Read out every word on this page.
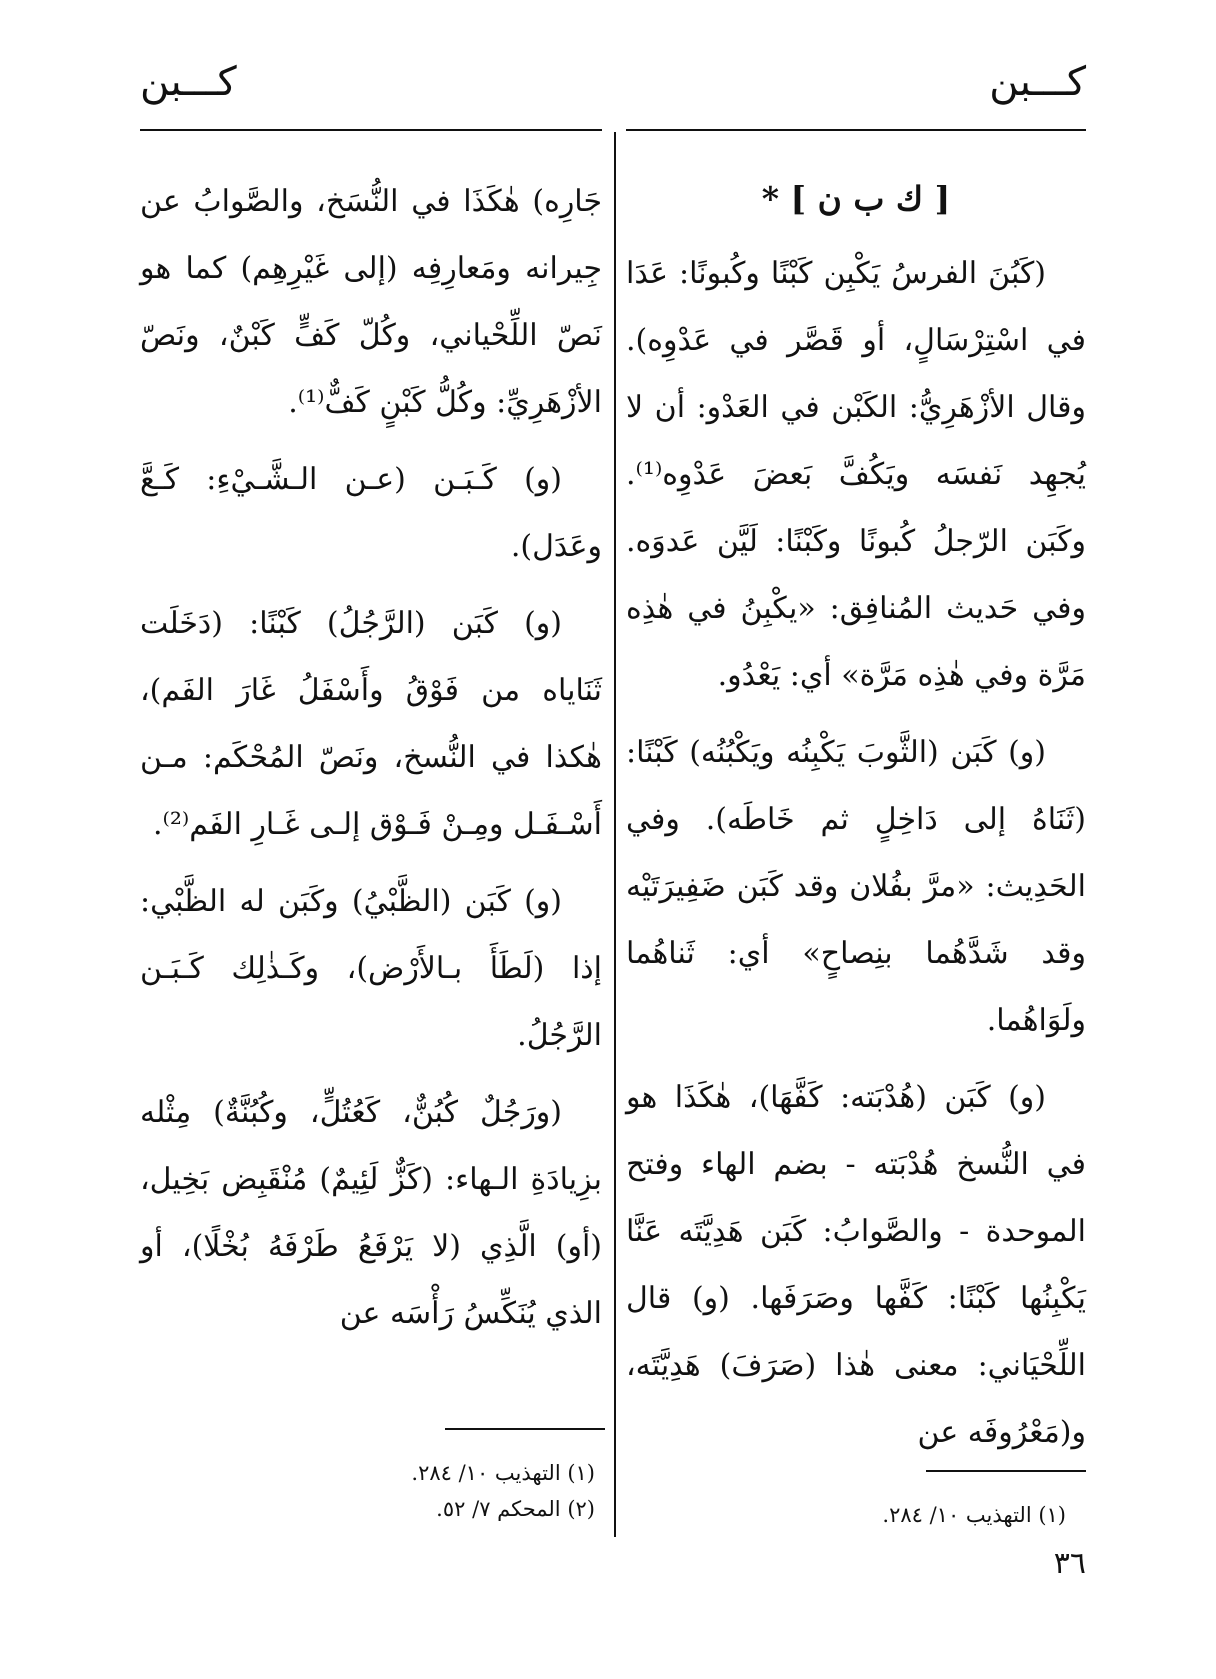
كـــبن
كـــبن

[ ك ب ن ] *

(كَبُنَ الفرسُ يَكْبِن كَبْنًا وكُبونًا: عَدَا في اسْتِرْسَالٍ، أو قَصَّر في عَدْوِه). وقال الأزْهَرِيُّ: الكَبْن في العَدْو: أن لا يُجهِد نَفسَه ويَكُفَّ بَعضَ عَدْوِه⁽¹⁾. وكَبَن الرّجلُ كُبونًا وكَبْنًا: لَيَّن عَدوَه. وفي حَديث المُنافِق: «يكْبِنُ في هٰذِه مَرَّة وفي هٰذِه مَرَّة» أي: يَعْدُو.

(و) كَبَن (الثَّوبَ يَكْبِنُه ويَكْبُنُه) كَبْنًا: (ثَنَاهُ إلى دَاخِلٍ ثم خَاطَه). وفي الحَدِيث: «مرَّ بفُلان وقد كَبَن ضَفِيرَتَيْه وقد شَدَّهُما بنِصاحٍ» أي: ثَناهُما ولَوَاهُما.

(و) كَبَن (هُدْبَته: كَفَّهَا)، هٰكَذَا هو في النُّسخ هُدْبَته - بضم الهاء وفتح الموحدة - والصَّوابُ: كَبَن هَدِيَّتَه عَنَّا يَكْبِنُها كَبْنًا: كَفَّها وصَرَفَها. (و) قال اللِّحْيَاني: معنى هٰذا (صَرَفَ) هَدِيَّتَه، و(مَعْرُوفَه عن

جَارِه) هٰكَذَا في النُّسَخ، والصَّوابُ عن جِيرانه ومَعارِفِه (إلى غَيْرِهِم) كما هو نَصّ اللِّحْياني، وكُلّ كَفٍّ كَبْنٌ، ونَصّ الأزْهَرِيِّ: وكُلُّ كَبْنٍ كَفٌّ⁽¹⁾.

(و) كَـبَـن (عـن الـشَّـيْءِ: كَـعَّ وعَدَل).

(و) كَبَن (الرَّجُلُ) كَبْنًا: (دَخَلَت ثَنَاياه من فَوْقُ وأَسْفَلُ غَارَ الفَم)، هٰكذا في النُّسخ، ونَصّ المُحْكَم: مـن أَسْـفَـل ومِـنْ فَـوْق إلـى غَـارِ الفَم⁽²⁾.

(و) كَبَن (الظَّبْيُ) وكَبَن له الظَّبْي: إذا (لَطَأَ بـالأَرْض)، وكَـذٰلِك كَـبَـن الرَّجُلُ.

(ورَجُلٌ كُبُنٌّ، كَعُتُلٍّ، وكُبُنَّةٌ) مِثْله بزِيادَةِ الـهاء: (كَزٌّ لَئِيمٌ) مُنْقَبِض بَخِيل، (أو) الَّذِي (لا يَرْفَعُ طَرْفَهُ بُخْلًا)، أو الذي يُنَكِّسُ رَأْسَه عن

(١) التهذيب ١٠/ ٢٨٤.
(١) التهذيب ١٠/ ٢٨٤.
(٢) المحكم ٧/ ٥٢.
٣٦
